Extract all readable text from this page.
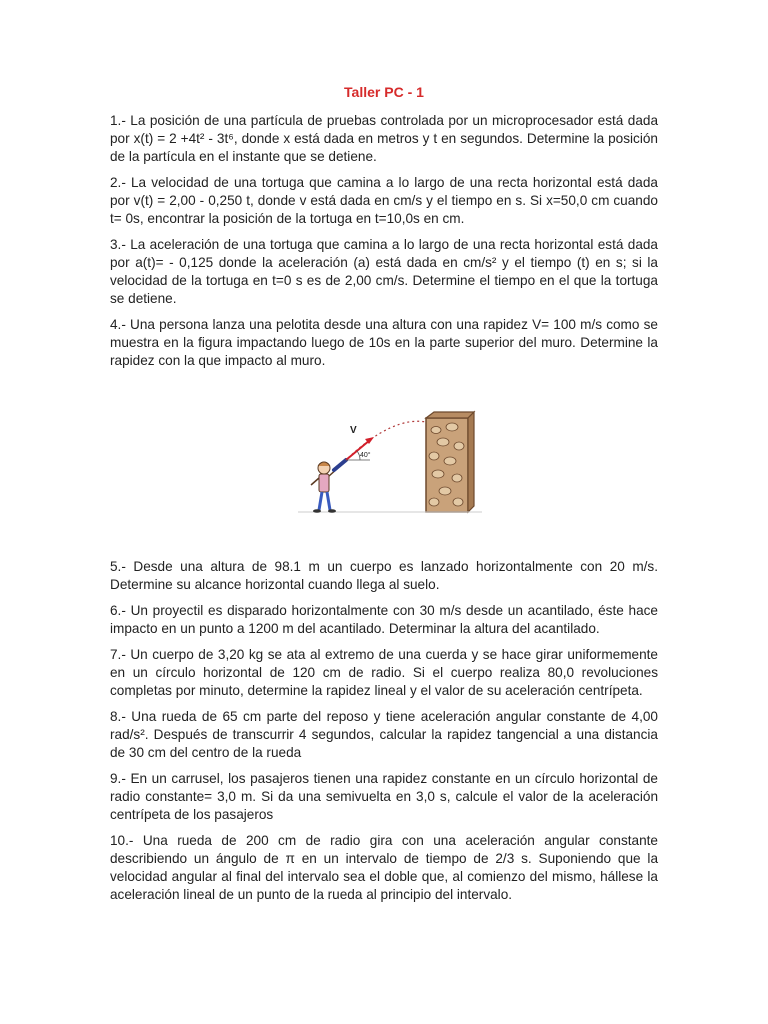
Taller PC - 1

1.- La posición de una partícula de pruebas controlada por un microprocesador está dada por x(t) = 2 +4t² - 3t⁶, donde x está dada en metros y t en segundos. Determine la posición de la partícula en el instante que se detiene.

2.- La velocidad de una tortuga que camina a lo largo de una recta horizontal está dada por v(t) = 2,00 - 0,250 t, donde v está dada en cm/s y el tiempo en s. Si x=50,0 cm cuando t= 0s, encontrar la posición de la tortuga en t=10,0s en cm.

3.- La aceleración de una tortuga que camina a lo largo de una recta horizontal está dada por a(t)= - 0,125 donde la aceleración (a) está dada en cm/s² y el tiempo (t) en s; si la velocidad de la tortuga en t=0 s es de 2,00 cm/s. Determine el tiempo en el que la tortuga se detiene.

4.- Una persona lanza una pelotita desde una altura con una rapidez V= 100 m/s como se muestra en la figura impactando luego de 10s en la parte superior del muro. Determine la rapidez con la que impacto al muro.

V
40°

5.- Desde una altura de 98.1 m un cuerpo es lanzado horizontalmente con 20 m/s. Determine su alcance horizontal cuando llega al suelo.

6.- Un proyectil es disparado horizontalmente con 30 m/s desde un acantilado, éste hace impacto en un punto a 1200 m del acantilado. Determinar la altura del acantilado.

7.- Un cuerpo de 3,20 kg se ata al extremo de una cuerda y se hace girar uniformemente en un círculo horizontal de 120 cm de radio. Si el cuerpo realiza 80,0 revoluciones completas por minuto, determine la rapidez lineal y el valor de su aceleración centrípeta.

8.- Una rueda de 65 cm parte del reposo y tiene aceleración angular constante de 4,00 rad/s². Después de transcurrir 4 segundos, calcular la rapidez tangencial a una distancia de 30 cm del centro de la rueda

9.- En un carrusel, los pasajeros tienen una rapidez constante en un círculo horizontal de radio constante= 3,0 m. Si da una semivuelta en 3,0 s, calcule el valor de la aceleración centrípeta de los pasajeros

10.- Una rueda de 200 cm de radio gira con una aceleración angular constante describiendo un ángulo de π en un intervalo de tiempo de 2/3 s. Suponiendo que la velocidad angular al final del intervalo sea el doble que, al comienzo del mismo, hállese la aceleración lineal de un punto de la rueda al principio del intervalo.
